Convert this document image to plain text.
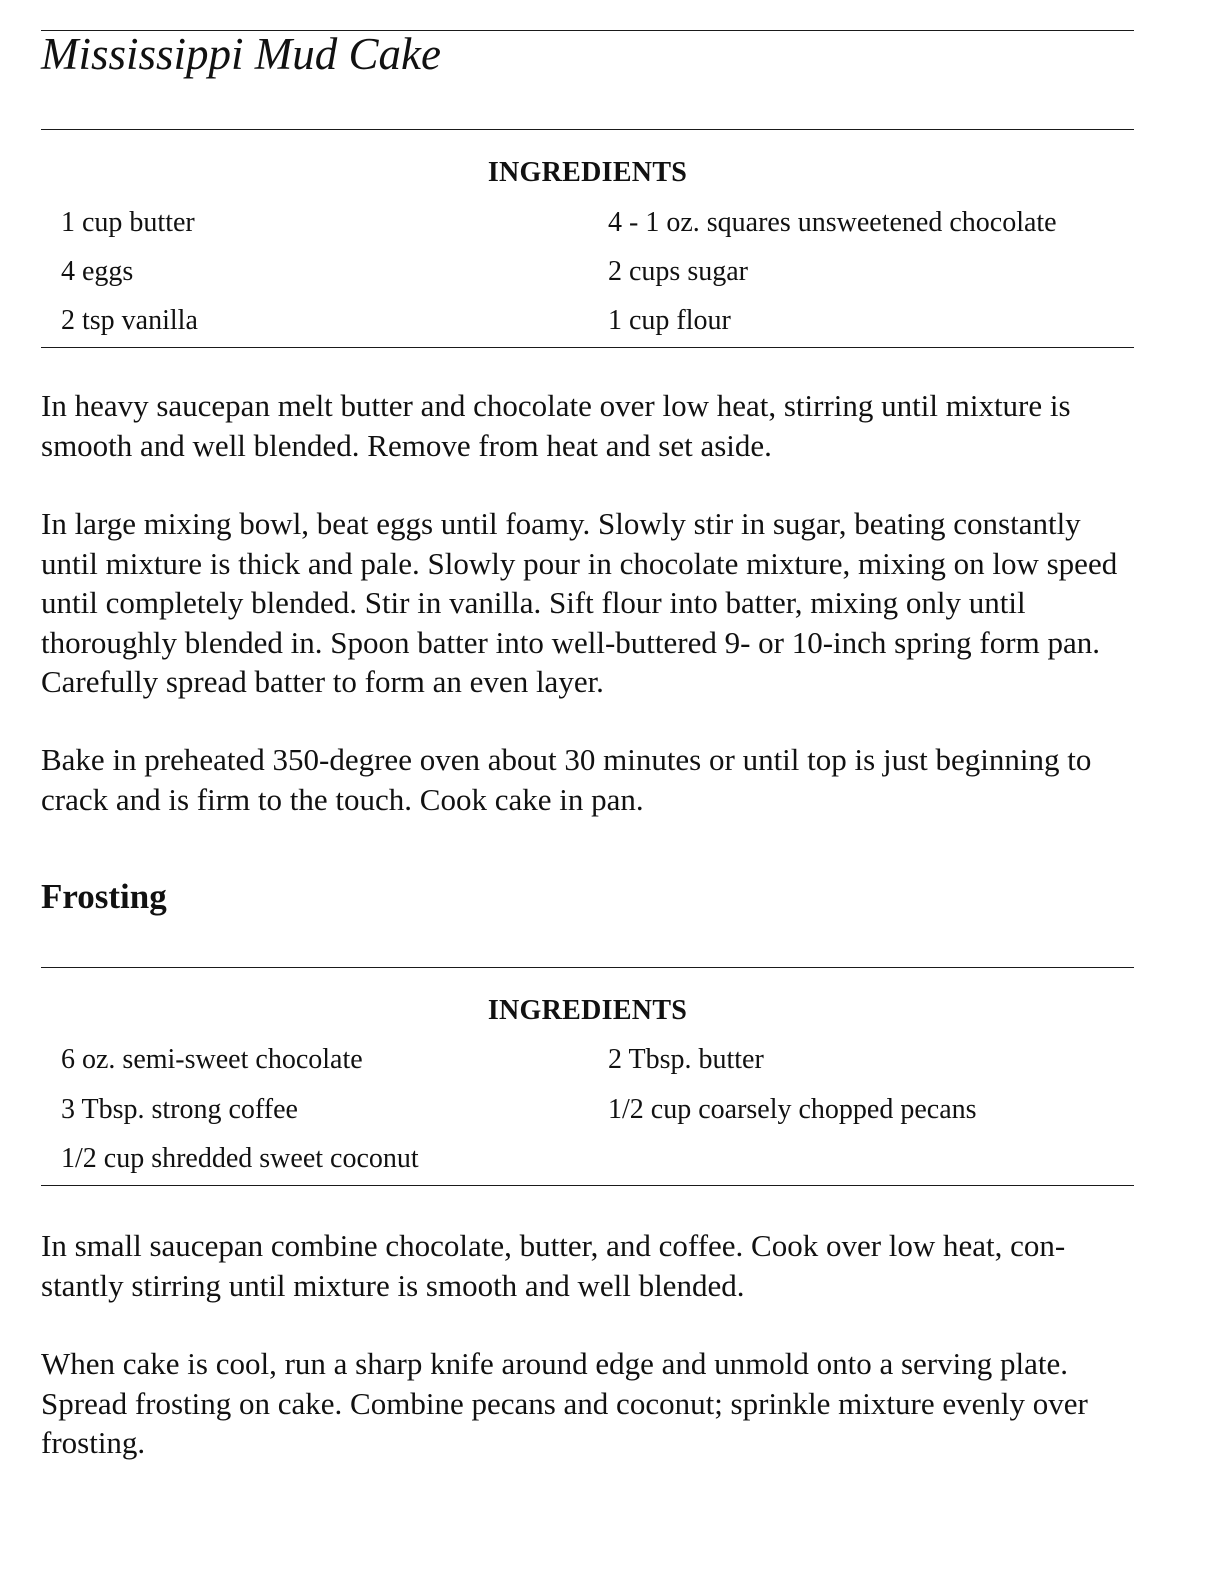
Mississippi Mud Cake
INGREDIENTS
1 cup butter
4 eggs
2 tsp vanilla
4 - 1 oz. squares unsweetened chocolate
2 cups sugar
1 cup flour

In heavy saucepan melt butter and chocolate over low heat, stirring until mixture is smooth and well blended. Remove from heat and set aside.

In large mixing bowl, beat eggs until foamy. Slowly stir in sugar, beating constantly until mixture is thick and pale. Slowly pour in chocolate mixture, mixing on low speed until completely blended. Stir in vanilla. Sift flour into batter, mixing only until thoroughly blended in. Spoon batter into well-buttered 9- or 10-inch spring form pan. Carefully spread batter to form an even layer.

Bake in preheated 350-degree oven about 30 minutes or until top is just beginning to crack and is firm to the touch. Cook cake in pan.

Frosting
INGREDIENTS
6 oz. semi-sweet chocolate
3 Tbsp. strong coffee
1/2 cup shredded sweet coconut
2 Tbsp. butter
1/2 cup coarsely chopped pecans

In small saucepan combine chocolate, butter, and coffee. Cook over low heat, con- stantly stirring until mixture is smooth and well blended.

When cake is cool, run a sharp knife around edge and unmold onto a serving plate. Spread frosting on cake. Combine pecans and coconut; sprinkle mixture evenly over frosting.
